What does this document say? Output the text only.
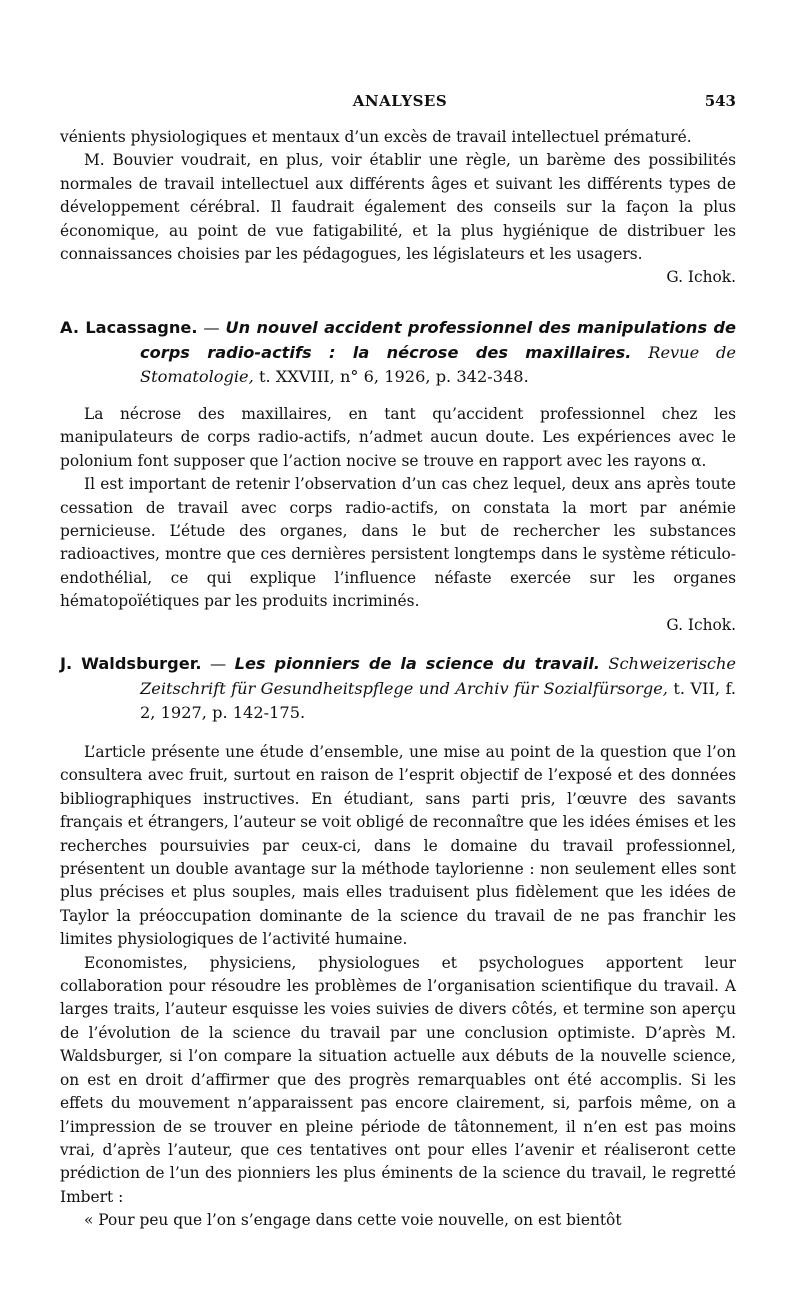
ANALYSES	543

vénients physiologiques et mentaux d’un excès de travail intellectuel prématuré.

M. Bouvier voudrait, en plus, voir établir une règle, un barème des possibilités normales de travail intellectuel aux différents âges et suivant les différents types de développement cérébral. Il faudrait également des conseils sur la façon la plus économique, au point de vue fatigabilité, et la plus hygiénique de distribuer les connaissances choisies par les pédagogues, les législateurs et les usagers.

G. Ichok.

A. Lacassagne. — Un nouvel accident professionnel des manipulations de corps radio-actifs : la nécrose des maxillaires. Revue de Stomatologie, t. XXVIII, n° 6, 1926, p. 342-348.

La nécrose des maxillaires, en tant qu’accident professionnel chez les manipulateurs de corps radio-actifs, n’admet aucun doute. Les expériences avec le polonium font supposer que l’action nocive se trouve en rapport avec les rayons α.

Il est important de retenir l’observation d’un cas chez lequel, deux ans après toute cessation de travail avec corps radio-actifs, on constata la mort par anémie pernicieuse. L’étude des organes, dans le but de rechercher les substances radioactives, montre que ces dernières persistent longtemps dans le système réticulo-endothélial, ce qui explique l’influence néfaste exercée sur les organes hématopoïétiques par les produits incriminés.

G. Ichok.

J. Waldsburger. — Les pionniers de la science du travail. Schweizerische Zeitschrift für Gesundheitspflege und Archiv für Sozialfürsorge, t. VII, f. 2, 1927, p. 142-175.

L’article présente une étude d’ensemble, une mise au point de la question que l’on consultera avec fruit, surtout en raison de l’esprit objectif de l’exposé et des données bibliographiques instructives. En étudiant, sans parti pris, l’œuvre des savants français et étrangers, l’auteur se voit obligé de reconnaître que les idées émises et les recherches poursuivies par ceux-ci, dans le domaine du travail professionnel, présentent un double avantage sur la méthode taylorienne : non seulement elles sont plus précises et plus souples, mais elles traduisent plus fidèlement que les idées de Taylor la préoccupation dominante de la science du travail de ne pas franchir les limites physiologiques de l’activité humaine.

Economistes, physiciens, physiologues et psychologues apportent leur collaboration pour résoudre les problèmes de l’organisation scientifique du travail. A larges traits, l’auteur esquisse les voies suivies de divers côtés, et termine son aperçu de l’évolution de la science du travail par une conclusion optimiste. D’après M. Waldsburger, si l’on compare la situation actuelle aux débuts de la nouvelle science, on est en droit d’affirmer que des progrès remarquables ont été accomplis. Si les effets du mouvement n’apparaissent pas encore clairement, si, parfois même, on a l’impression de se trouver en pleine période de tâtonnement, il n’en est pas moins vrai, d’après l’auteur, que ces tentatives ont pour elles l’avenir et réaliseront cette prédiction de l’un des pionniers les plus éminents de la science du travail, le regretté Imbert :

« Pour peu que l’on s’engage dans cette voie nouvelle, on est bientôt
